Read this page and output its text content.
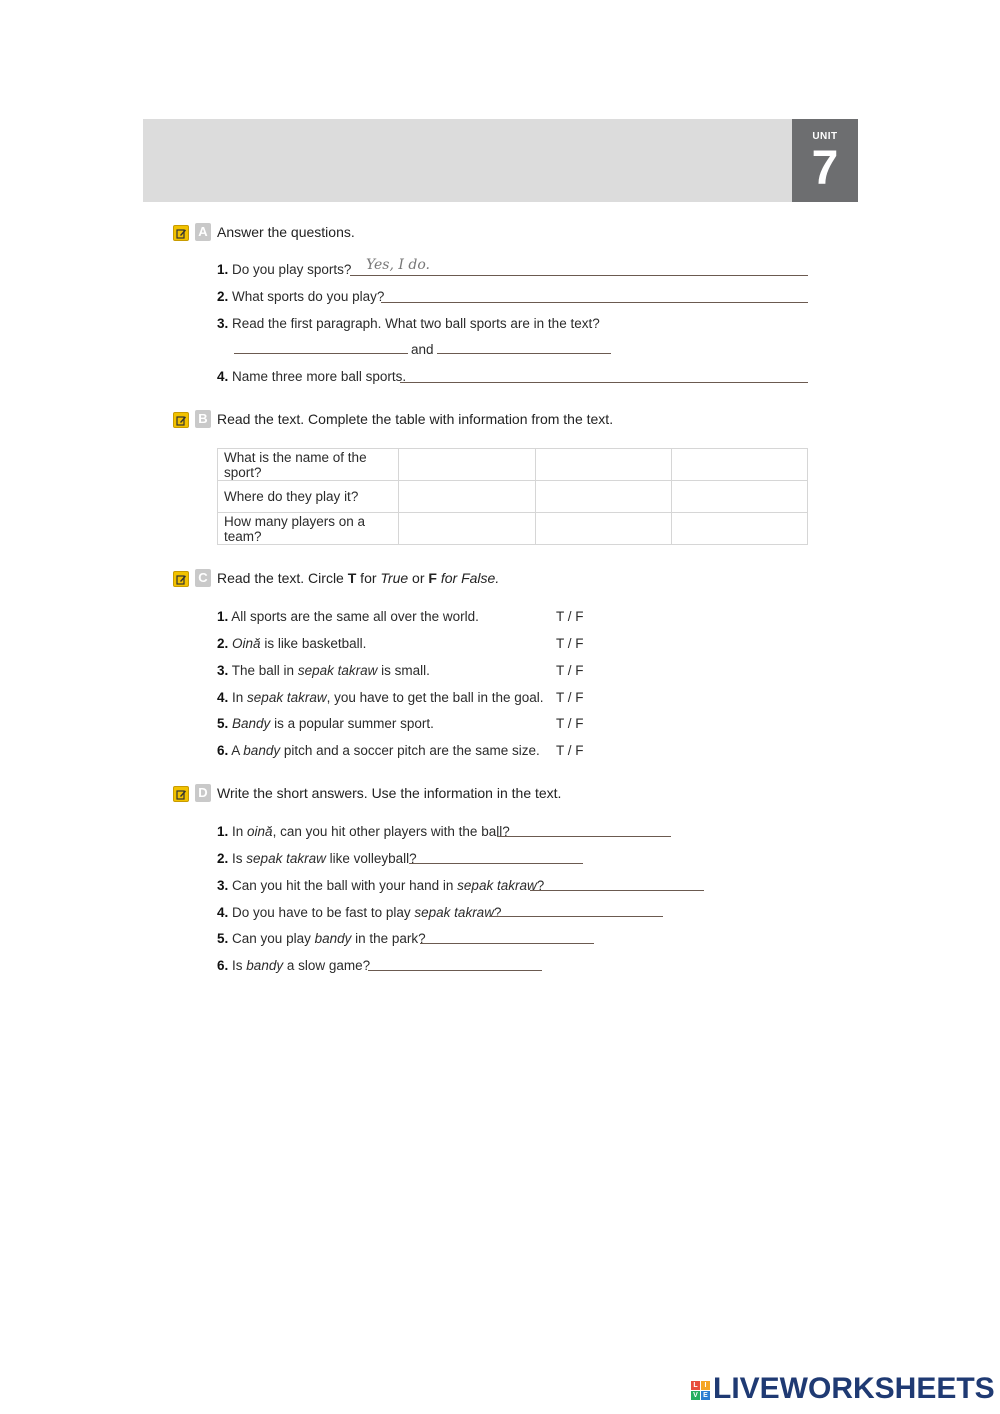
UNIT
7
A Answer the questions.
1. Do you play sports? Yes, I do.
2. What sports do you play?
3. Read the first paragraph. What two ball sports are in the text?
and
4. Name three more ball sports.
B Read the text. Complete the table with information from the text.
What is the name of the sport?			
Where do they play it?			
How many players on a team?			
C Read the text. Circle T for True or F for False.
1. All sports are the same all over the world.	T / F
2. Oină is like basketball.	T / F
3. The ball in sepak takraw is small.	T / F
4. In sepak takraw, you have to get the ball in the goal. T / F
5. Bandy is a popular summer sport.	T / F
6. A bandy pitch and a soccer pitch are the same size. T / F
D Write the short answers. Use the information in the text.
1. In oină, can you hit other players with the ball?
2. Is sepak takraw like volleyball?
3. Can you hit the ball with your hand in sepak takraw?
4. Do you have to be fast to play sepak takraw?
5. Can you play bandy in the park?
6. Is bandy a slow game?
L I
V E LIVEWORKSHEETS
